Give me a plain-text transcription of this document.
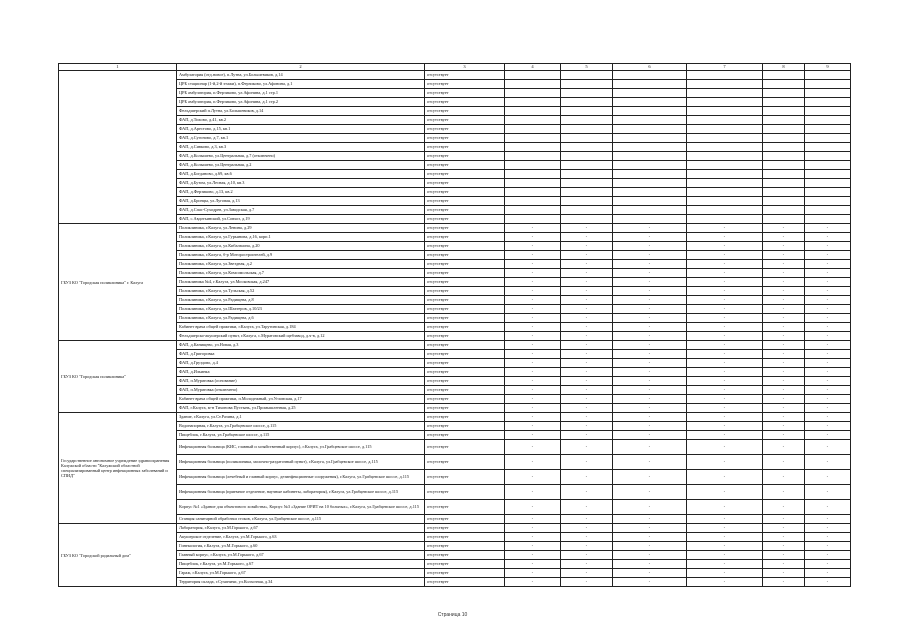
1	2	3	4	5	6	7	8	9
	Амбулатория (отд.новое), п.Лутна, ул.Большевиков, д.14	отсутствует						
	ЦРБ стационар (1-й,2-й этажи), п.Ферзиково, ул.Афонина, д.1	отсутствует						
	ЦРБ амбулатория, п.Ферзиково, ул.Афонина, д.1 стр.1	отсутствует						
	ЦРБ амбулатория, п.Ферзиково, ул.Афонина, д.1 стр.2	отсутствует						
	Фельдшерский п.Лутна, ул.Большевиков, д.14	отсутствует						
	ФАП, д.Тихово, д.41, кв.2	отсутствует						
	ФАП, д.Арестово, д.15, кв.1	отсутствует						
	ФАП, д.Сугоново, д.7, кв.1	отсутствует						
	ФАП, д.Сивково, д.3, кв.3	отсутствует						
	ФАП, д.Колышево, ул.Центральная, д.7 (отключено)	отсутствует						
	ФАП, д.Колышево, ул.Центральная, д.2	отсутствует						
	ФАП, д.Богданово, д.69, кв.6	отсутствует						
	ФАП, д.Бутом, ул.Лесная, д.10, кв.3	отсутствует						
	ФАП, д.Ферзиково, д.13, кв.2	отсутствует						
	ФАП, д.Бронцы, ул.Луговая, д.13	отсутствует						
	ФАП, д.Спас-Суходрев, ул.Заводская, д.7	отсутствует						
	ФАП, с.Авдотьинский, ул.Совхоз, д.19	отсутствует						
ГБУЗ КО "Городская поликлиника" г. Калуга	Поликлиника, г.Калуга, ул.Ленина, д.29	отсутствует	-	-	-	-	-	-
	Поликлиника, г.Калуга, ул.Гурьянова, д.16, корп.1	отсутствует	-	-	-	-	-	-
	Поликлиника, г.Калуга, ул.Кибальчича, д.20	отсутствует	-	-	-	-	-	-
	Поликлиника, г.Калуга, б-р Моторостроителей, д.9	отсутствует	-	-	-	-	-	-
	Поликлиника, г.Калуга, ул.Звездная, д.2	отсутствует	-	-	-	-	-	-
	Поликлиника, г.Калуга, ул.Комсомольская, д.7	отсутствует	-	-	-	-	-	-
	Поликлиника №4, г.Калуга, ул.Московская, д.247	отсутствует	-	-	-	-	-	-
	Поликлиника, г.Калуга, ул.Тульская, д.52	отсутствует	-	-	-	-	-	-
	Поликлиника, г.Калуга, ул.Радищева, д.8	отсутствует	-	-	-	-	-	-
	Поликлиника, г.Калуга, ул.Шахтеров, д.10/23	отсутствует	-	-	-	-	-	-
	Поликлиника, г.Калуга, ул.Радищева, д.6	отсутствует	-	-	-	-	-	-
	Кабинет врача общей практики, г.Калуга, ул.Тарутинская, д.184	отсутствует	-	-	-	-	-	-
	Фельдшерско-акушерский пункт, г.Калуга, с.Муратовский щебзавод, д.ч-в, д.12	отсутствует	-	-	-	-	-	-
ГБУЗ КО "Городская поликлиника"	ФАП, д.Канищево, ул.Новая, д.3	отсутствует	-	-	-	-	-	-
	ФАП, д.Григоровка	отсутствует	-	-	-	-	-	-
	ФАП, д.Груздово, д.4	отсутствует	-	-	-	-	-	-
	ФАП, д.Ильинка	отсутствует	-	-	-	-	-	-
	ФАП, п.Муратовка (основание)	отсутствует	-	-	-	-	-	-
	ФАП, п.Муратовка (отключено)	отсутствует	-	-	-	-	-	-
	Кабинет врача общей практики, п.Молодежный, ул.Угловская, д.17	отсутствует	-	-	-	-	-	-
	ФАП, г.Калуга, м-н Тихонова Пустынь, ул.Промышленная, д.25	отсутствует	-	-	-	-	-	-
Государственное автономное учреждение здравоохранения Калужской области "Калужский областной специализированный центр инфекционных заболеваний и СПИД"	Здание, г.Калуга, ул.Ст.Разина, д.1	отсутствует	-	-	-	-	-	-
	Водонапорная, г.Калуга, ул.Грабцевское шоссе, д.115	отсутствует	-	-	-	-	-	-
	Пищеблок, г.Калуга, ул.Грабцевское шоссе, д.115	отсутствует	-	-	-	-	-	-
	Инфекционная больница (КИС, главный и хозяйственный корпус), г.Калуга, ул.Грабцевское шоссе, д.115	отсутствует	-	-	-	-	-	-
	Инфекционная больница (поликлиника, молочно-раздаточный пункт), г.Калуга, ул.Грабцевское шоссе, д.115	отсутствует	-	-	-	-	-	-
	Инфекционная больница (лечебный и главный корпус, дезинфекционные сооружения), г.Калуга, ул.Грабцевское шоссе, д.115	отсутствует	-	-	-	-	-	-
	Инфекционная больница (приемное отделение, научные кабинеты, лаборатория), г.Калуга, ул.Грабцевское шоссе, д.115	отсутствует	-	-	-	-	-	-
	Корпус №1 «Здание для объектового хозяйства», Корпус №3 «Здание ОРИТ на 10 больных», г.Калуга, ул.Грабцевское шоссе, д.115	отсутствует	-	-	-	-	-	-
	Станция санитарной обработки стоков, г.Калуга, ул.Грабцевское шоссе, д.115	отсутствует	-	-	-	-	-	-
ГБУЗ КО "Городской родильный дом"	Лаборатория, г.Калуга, ул.М.Горького, д.67	отсутствует	-	-	-	-	-	-
	Акушерское отделение, г.Калуга, ул.М.Горького, д.63	отсутствует	-	-	-	-	-	-
	Гинекология, г.Калуга, ул.М.Горького, д.60	отсутствует	-	-	-	-	-	-
	Главный корпус, г.Калуга, ул.М.Горького, д.67	отсутствует	-	-	-	-	-	-
	Пищеблок, г.Калуга, ул.М.Горького, д.67	отсутствует	-	-	-	-	-	-
	Гараж, г.Калуга, ул.М.Горького, д.67	отсутствует	-	-	-	-	-	-
	Территория склада, г.Сухиничи, ул.Колхозная, д.34	отсутствует	-	-	-	-	-	-
Страница 10
